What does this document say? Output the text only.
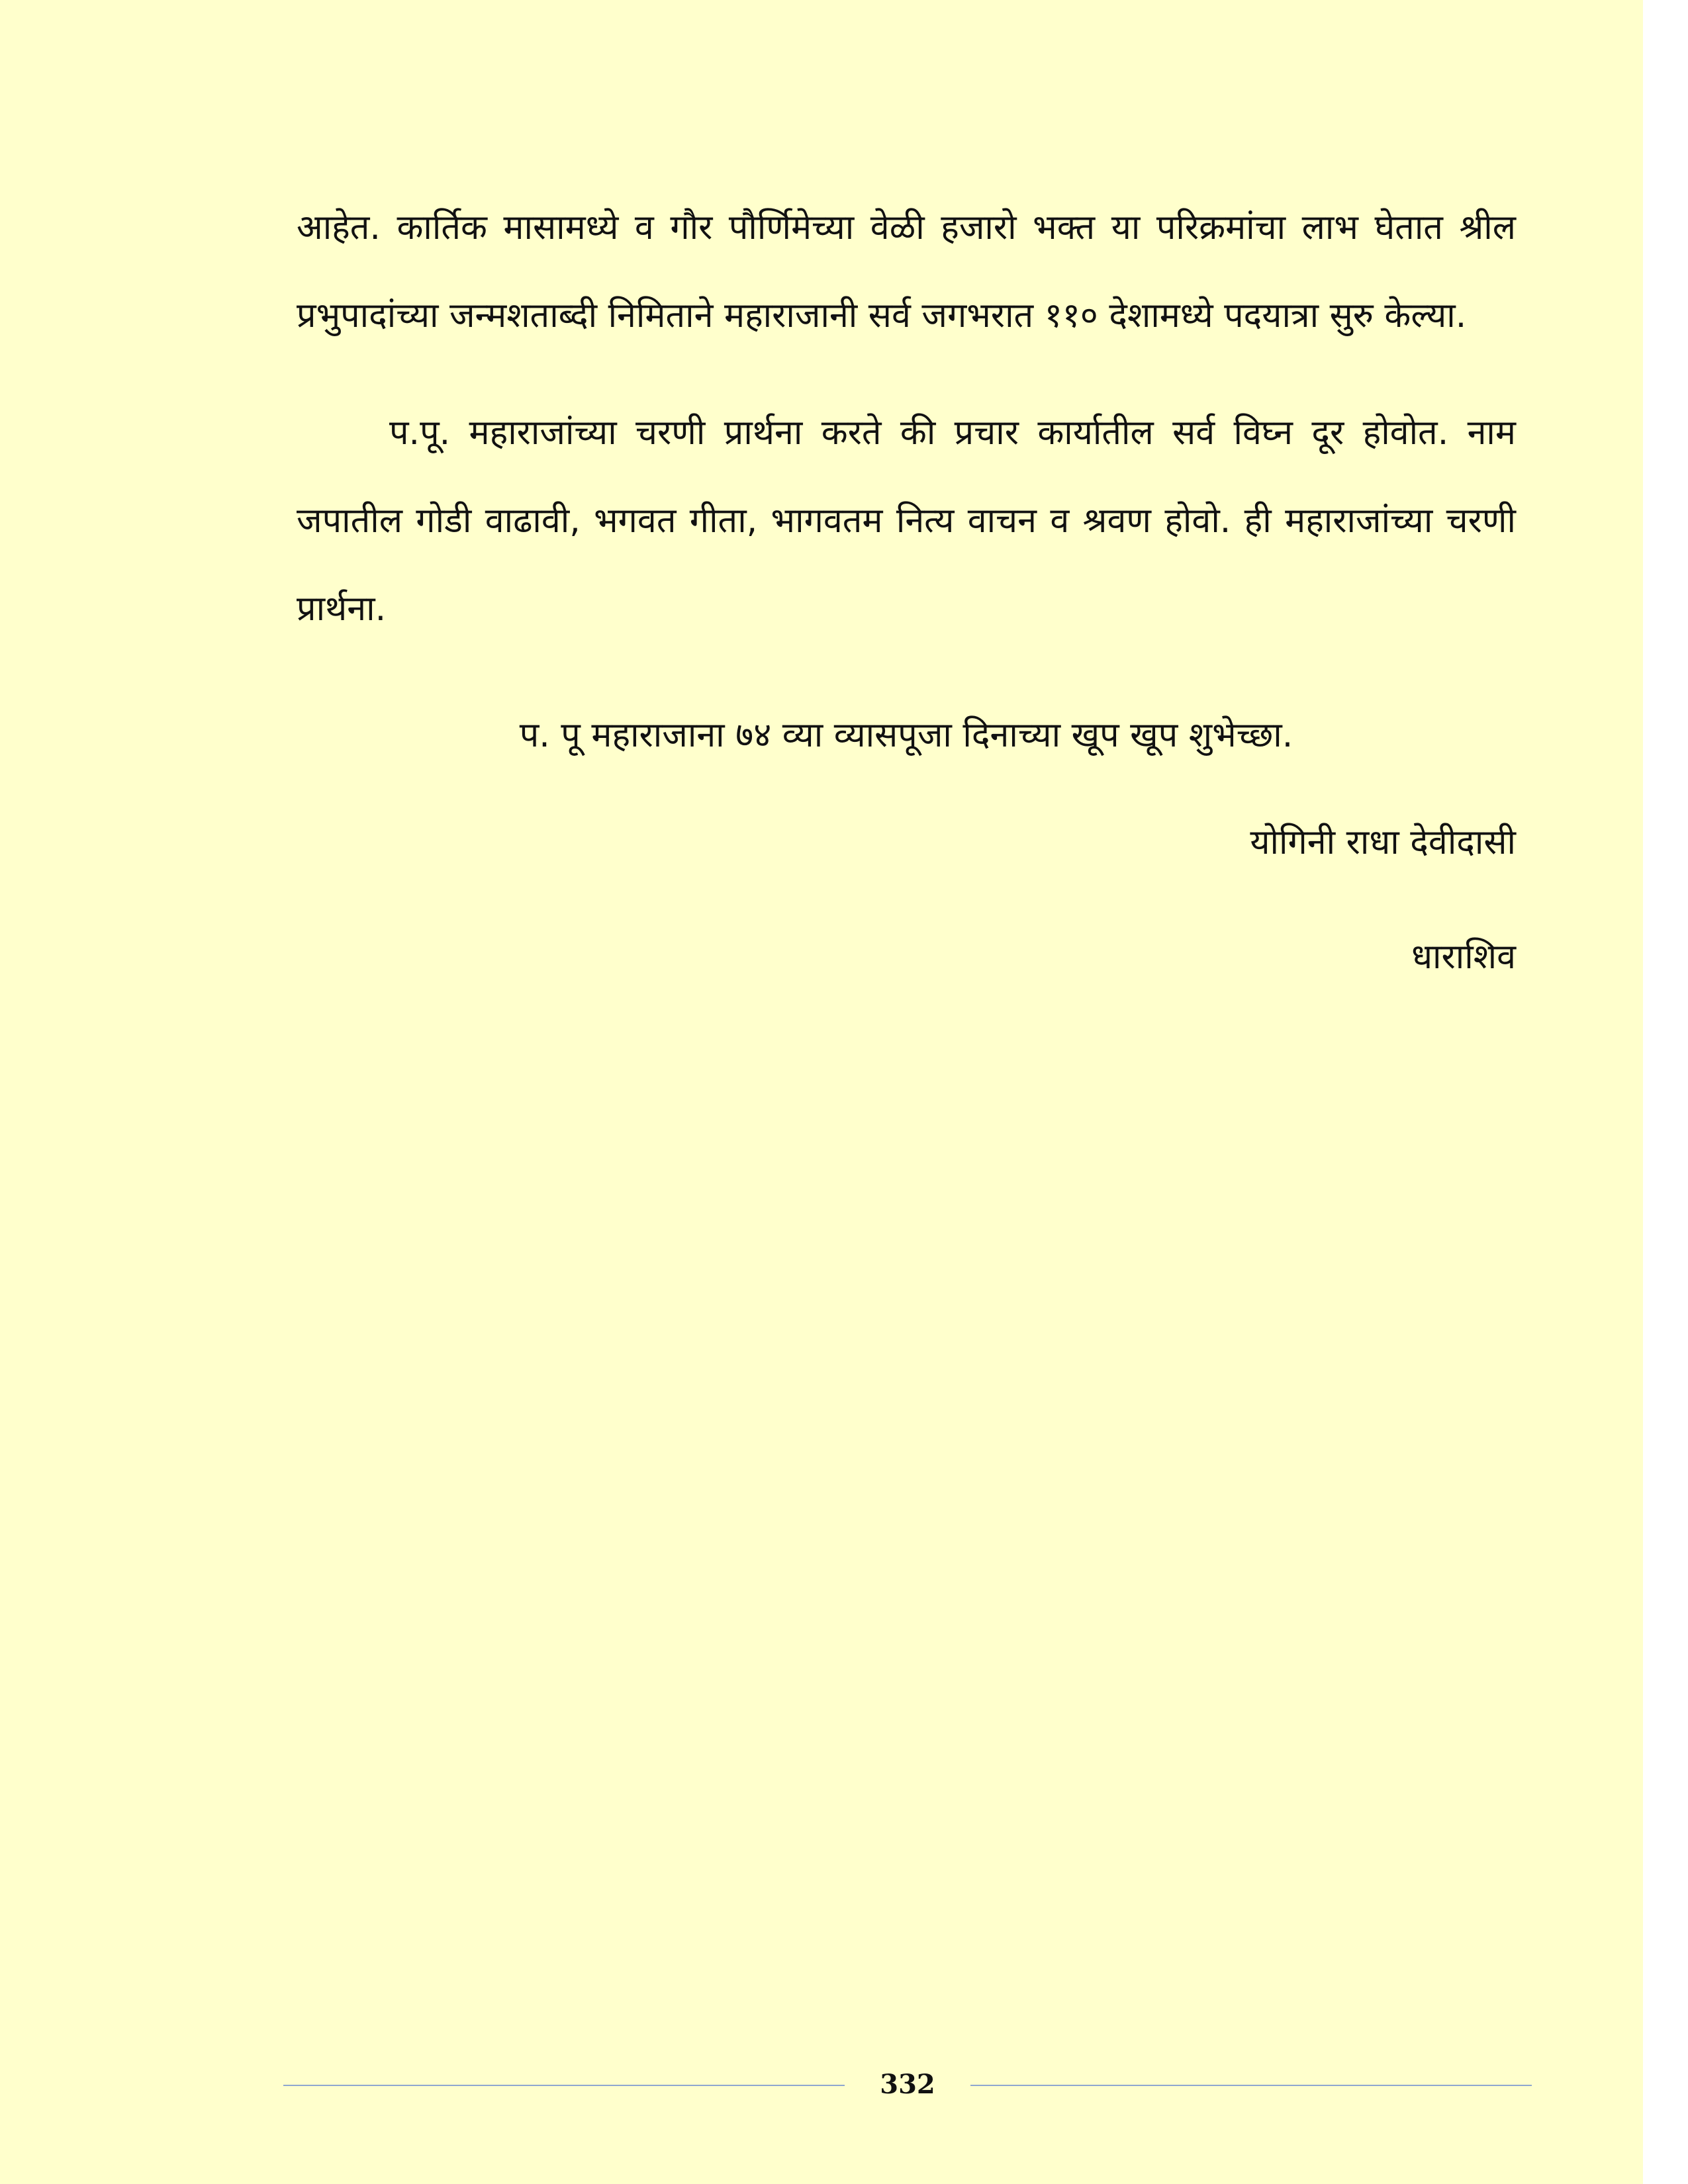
आहेत. कार्तिक मासामध्ये व गौर पौर्णिमेच्या वेळी हजारो भक्त या परिक्रमांचा लाभ घेतात श्रील प्रभुपादांच्या जन्मशताब्दी निमिताने महाराजानी सर्व जगभरात ११० देशामध्ये पदयात्रा सुरु केल्या.

प.पू. महाराजांच्या चरणी प्रार्थना करते की प्रचार कार्यातील सर्व विघ्न दूर होवोत. नाम जपातील गोडी वाढावी, भगवत गीता, भागवतम नित्य वाचन व श्रवण होवो. ही महाराजांच्या चरणी प्रार्थना.

प. पू महाराजाना ७४ व्या व्यासपूजा दिनाच्या खूप खूप शुभेच्छा.
योगिनी राधा देवीदासी
धाराशिव
332
